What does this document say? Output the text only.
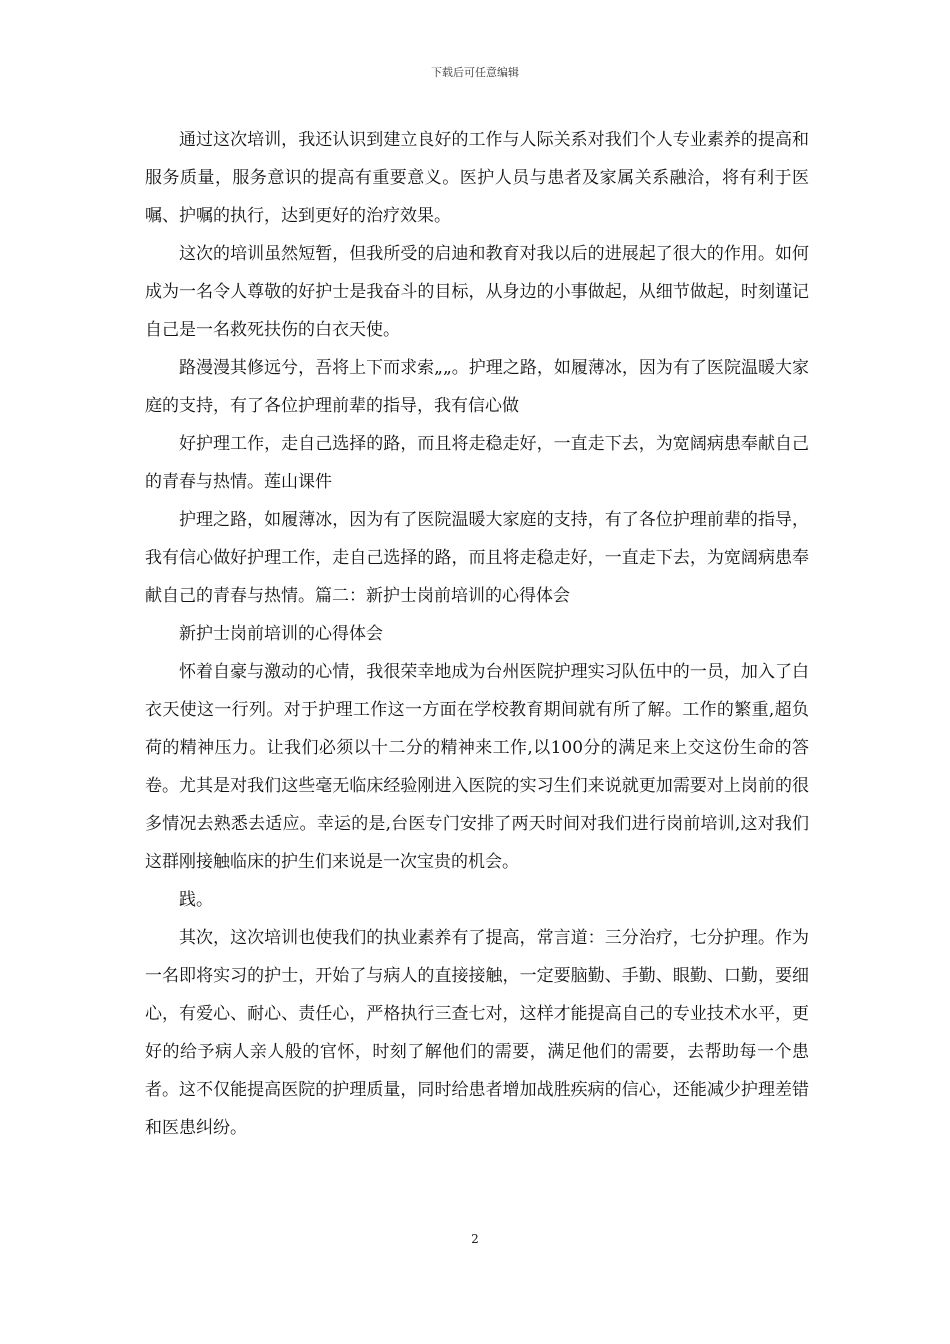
下载后可任意编辑

通过这次培训，我还认识到建立良好的工作与人际关系对我们个人专业素养的提高和服务质量，服务意识的提高有重要意义。医护人员与患者及家属关系融洽，将有利于医嘱、护嘱的执行，达到更好的治疗效果。

这次的培训虽然短暂，但我所受的启迪和教育对我以后的进展起了很大的作用。如何成为一名令人尊敬的好护士是我奋斗的目标，从身边的小事做起，从细节做起，时刻谨记自己是一名救死扶伤的白衣天使。

路漫漫其修远兮，吾将上下而求索„„。护理之路，如履薄冰，因为有了医院温暖大家庭的支持，有了各位护理前辈的指导，我有信心做

好护理工作，走自己选择的路，而且将走稳走好，一直走下去，为宽阔病患奉献自己的青春与热情。莲山课件

护理之路，如履薄冰，因为有了医院温暖大家庭的支持，有了各位护理前辈的指导，我有信心做好护理工作，走自己选择的路，而且将走稳走好，一直走下去，为宽阔病患奉献自己的青春与热情。篇二：新护士岗前培训的心得体会

新护士岗前培训的心得体会

怀着自豪与激动的心情，我很荣幸地成为台州医院护理实习队伍中的一员，加入了白衣天使这一行列。对于护理工作这一方面在学校教育期间就有所了解。工作的繁重,超负荷的精神压力。让我们必须以十二分的精神来工作,以100分的满足来上交这份生命的答卷。尤其是对我们这些毫无临床经验刚进入医院的实习生们来说就更加需要对上岗前的很多情况去熟悉去适应。幸运的是,台医专门安排了两天时间对我们进行岗前培训,这对我们这群刚接触临床的护生们来说是一次宝贵的机会。

践。

其次，这次培训也使我们的执业素养有了提高，常言道：三分治疗，七分护理。作为一名即将实习的护士，开始了与病人的直接接触，一定要脑勤、手勤、眼勤、口勤，要细心，有爱心、耐心、责任心，严格执行三查七对，这样才能提高自己的专业技术水平，更好的给予病人亲人般的官怀，时刻了解他们的需要，满足他们的需要，去帮助每一个患者。这不仅能提高医院的护理质量，同时给患者增加战胜疾病的信心，还能减少护理差错和医患纠纷。

2
